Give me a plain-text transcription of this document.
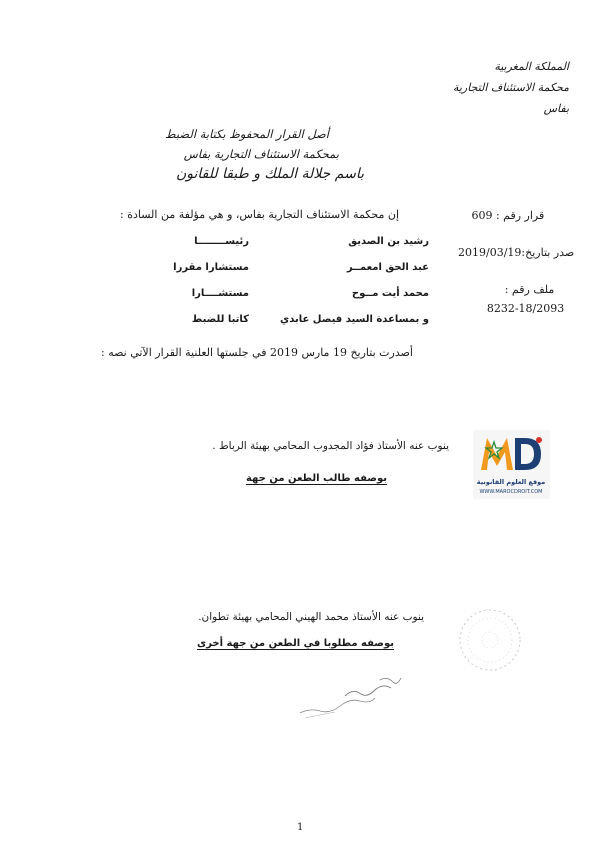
المملكة المغربية
محكمة الاستئناف التجارية
بفاس
أصل القرار المحفوظ بكتابة الضبط
بمحكمة الاستئناف التجارية بفاس
باسم جلالة الملك و طبقا للقانون
قرار رقم : 609
صدر بتاريخ:2019/03/19
ملف رقم :
8232-18/2093
إن محكمة الاستئناف التجارية بفاس، و هي مؤلفة من السادة :
رشيد بن الصديق
رئيســــــــا
عبد الحق امعمــر
مستشارا مقررا
محمد أيت مــوح
مستشــــارا
و بمساعدة السيد فيصل عابدي
كاتبا للضبط
أصدرت بتاريخ 19 مارس 2019 في جلستها العلنية القرار الآتي نصه :
موقع العلوم القانونية
WWW.MAROCDROIT.COM
ينوب عنه الأستاذ فؤاد المجدوب المحامي بهيئة الرباط .
بوصفه طالب الطعن من جهة
ينوب عنه الأستاذ محمد الهيني المحامي بهيئة تطوان.
بوصفه مطلوبا في الطعن من جهة أخرى
1
